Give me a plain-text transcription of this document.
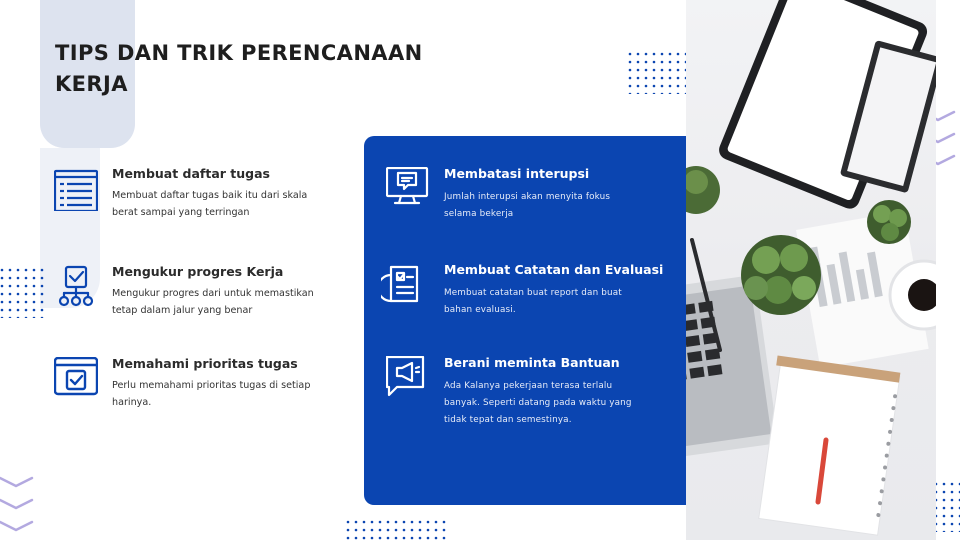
TIPS DAN TRIK PERENCANAAN KERJA
Membuat daftar tugas
Membuat daftar tugas baik itu dari skala berat sampai yang terringan
Mengukur progres Kerja
Mengukur progres dari untuk memastikan tetap dalam jalur yang benar
Memahami prioritas tugas
Perlu memahami prioritas tugas di setiap harinya.
Membatasi interupsi
Jumlah interupsi akan menyita fokus selama bekerja
Membuat Catatan dan Evaluasi
Membuat catatan buat report dan buat bahan evaluasi.
Berani meminta Bantuan
Ada Kalanya pekerjaan terasa terlalu banyak. Seperti datang pada waktu yang tidak tepat dan semestinya.
